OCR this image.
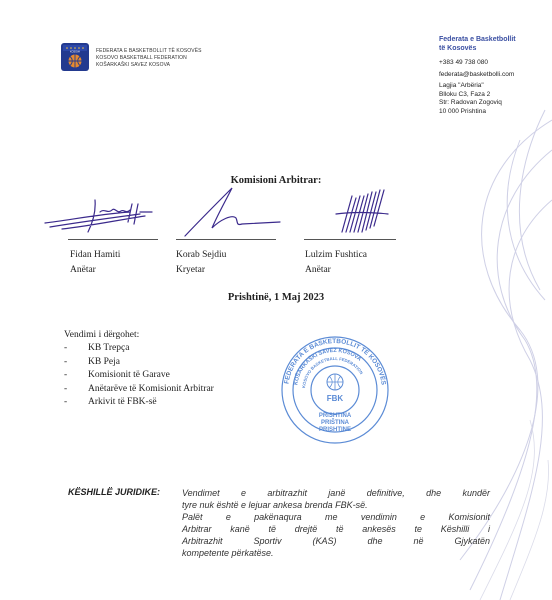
KOSOVA	FEDERATA E BASKETBOLLIT TË KOSOVËS
KOSOVO BASKETBALL FEDERATION
KOŠARKAŠKI SAVEZ KOSOVA
Federata e Basketbollit
të Kosovës
+383 49 738 080
federata@basketbolli.com
Lagjia "Arbëria"
Blloku C3, Faza 2
Str: Radovan Zogoviq
10 000 Prishtina
Komisioni Arbitrar:
Fidan Hamiti
Anëtar
Korab Sejdiu
Kryetar
Lulzim Fushtica
Anëtar
Prishtinë, 1 Maj 2023
Vendimi i dërgohet:
- KB Trepça
- KB Peja
- Komisionit të Garave
- Anëtarëve të Komisionit Arbitrar
- Arkivit të FBK-së
FEDERATA E BASKETBOLLIT TË KOSOVËS
KOŠARKAŠKI SAVEZ KOSOVA
KOSOVO BASKETBALL FEDERATION
FBK
PRISHTINA
PRIŠTINA
PRISHTINE
KËSHILLË JURIDIKE: Vendimet e arbitrazhit janë definitive, dhe kundër
tyre nuk është e lejuar ankesa brenda FBK-së.
Palët e pakënaqura me vendimin e Komisionit
Arbitrar kanë të drejtë të ankesës te Këshilli i
Arbitrazhit Sportiv (KAS) dhe në Gjykatën
kompetente përkatëse.
